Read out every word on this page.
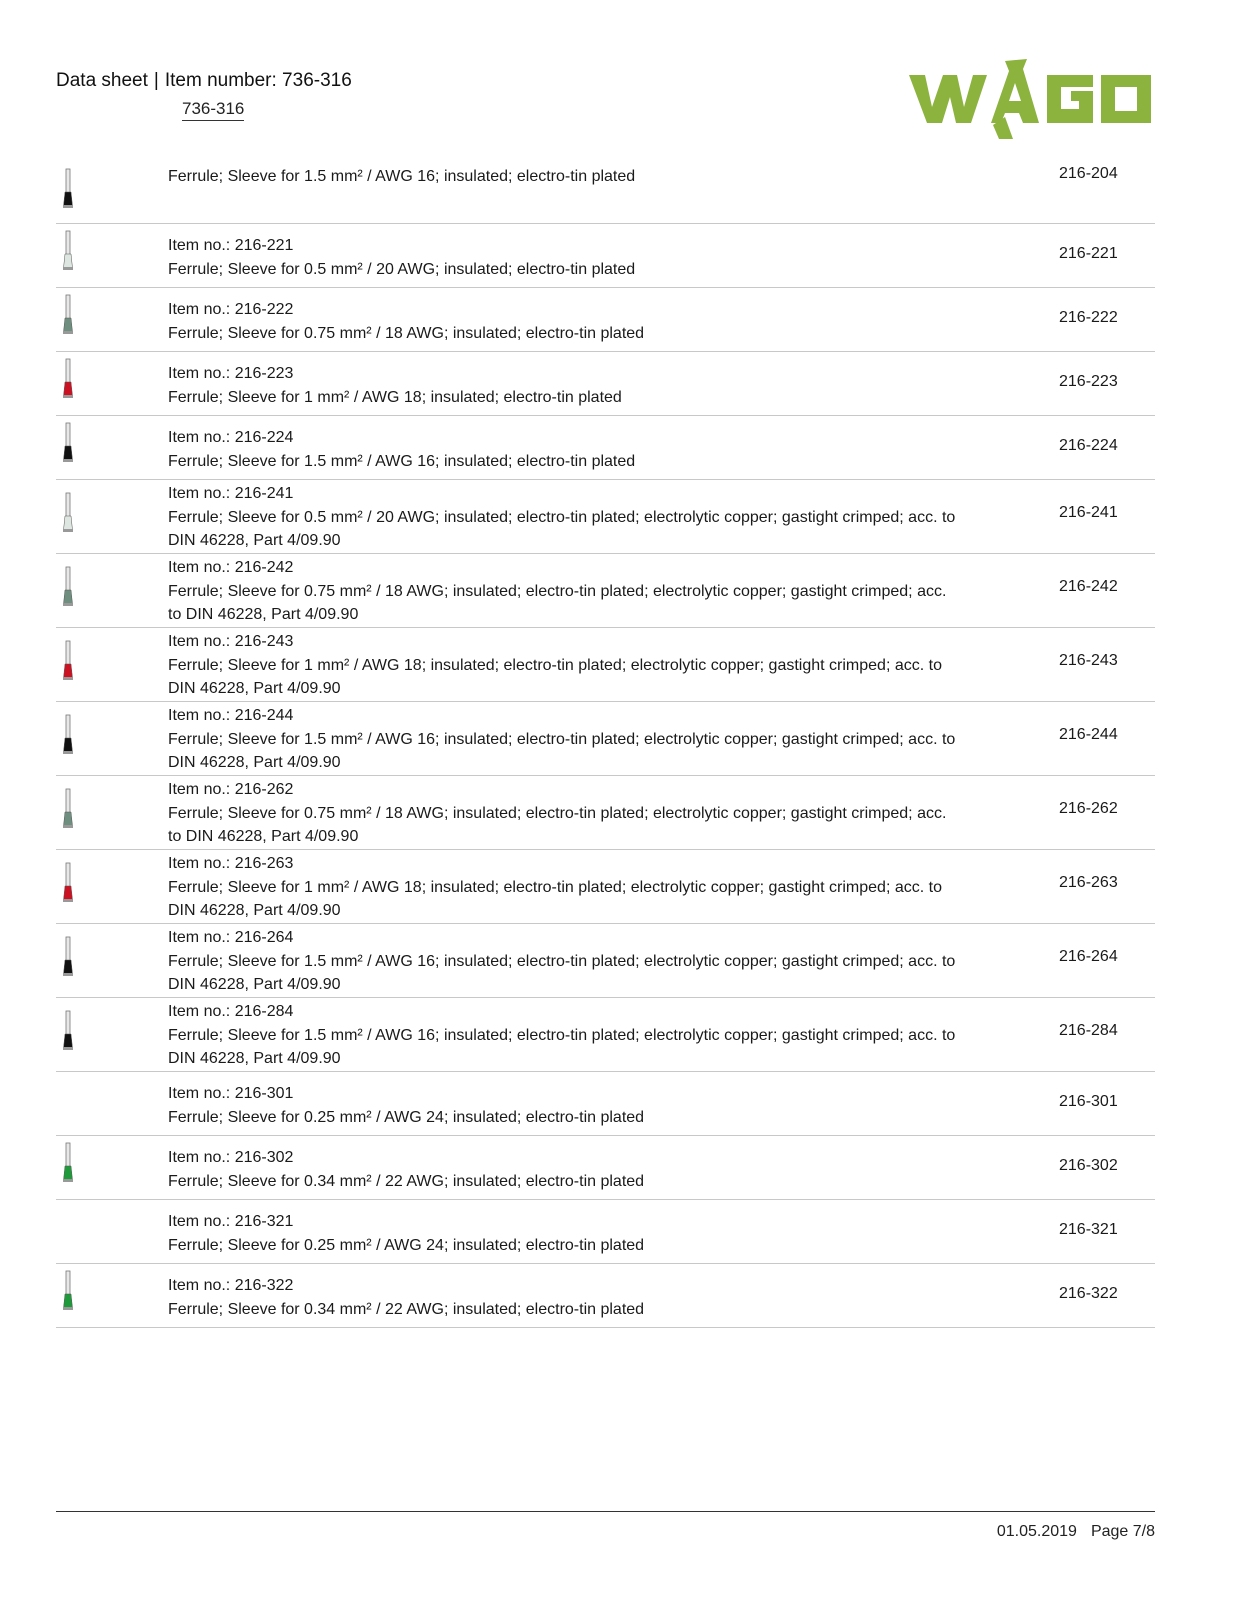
Data sheet | Item number: 736-316
736-316
Ferrule; Sleeve for 1.5 mm² / AWG 16; insulated; electro-tin plated	216-204
Item no.: 216-221
Ferrule; Sleeve for 0.5 mm² / 20 AWG; insulated; electro-tin plated
216-221
Item no.: 216-222
Ferrule; Sleeve for 0.75 mm² / 18 AWG; insulated; electro-tin plated
216-222
Item no.: 216-223
Ferrule; Sleeve for 1 mm² / AWG 18; insulated; electro-tin plated
216-223
Item no.: 216-224
Ferrule; Sleeve for 1.5 mm² / AWG 16; insulated; electro-tin plated
216-224
Item no.: 216-241
Ferrule; Sleeve for 0.5 mm² / 20 AWG; insulated; electro-tin plated; electrolytic copper; gastight crimped; acc. to DIN 46228, Part 4/09.90
216-241
Item no.: 216-242
Ferrule; Sleeve for 0.75 mm² / 18 AWG; insulated; electro-tin plated; electrolytic copper; gastight crimped; acc. to DIN 46228, Part 4/09.90
216-242
Item no.: 216-243
Ferrule; Sleeve for 1 mm² / AWG 18; insulated; electro-tin plated; electrolytic copper; gastight crimped; acc. to DIN 46228, Part 4/09.90
216-243
Item no.: 216-244
Ferrule; Sleeve for 1.5 mm² / AWG 16; insulated; electro-tin plated; electrolytic copper; gastight crimped; acc. to DIN 46228, Part 4/09.90
216-244
Item no.: 216-262
Ferrule; Sleeve for 0.75 mm² / 18 AWG; insulated; electro-tin plated; electrolytic copper; gastight crimped; acc. to DIN 46228, Part 4/09.90
216-262
Item no.: 216-263
Ferrule; Sleeve for 1 mm² / AWG 18; insulated; electro-tin plated; electrolytic copper; gastight crimped; acc. to DIN 46228, Part 4/09.90
216-263
Item no.: 216-264
Ferrule; Sleeve for 1.5 mm² / AWG 16; insulated; electro-tin plated; electrolytic copper; gastight crimped; acc. to DIN 46228, Part 4/09.90
216-264
Item no.: 216-284
Ferrule; Sleeve for 1.5 mm² / AWG 16; insulated; electro-tin plated; electrolytic copper; gastight crimped; acc. to DIN 46228, Part 4/09.90
216-284
Item no.: 216-301
Ferrule; Sleeve for 0.25 mm² / AWG 24; insulated; electro-tin plated
216-301
Item no.: 216-302
Ferrule; Sleeve for 0.34 mm² / 22 AWG; insulated; electro-tin plated
216-302
Item no.: 216-321
Ferrule; Sleeve for 0.25 mm² / AWG 24; insulated; electro-tin plated
216-321
Item no.: 216-322
Ferrule; Sleeve for 0.34 mm² / 22 AWG; insulated; electro-tin plated
216-322
01.05.2019 Page 7/8
